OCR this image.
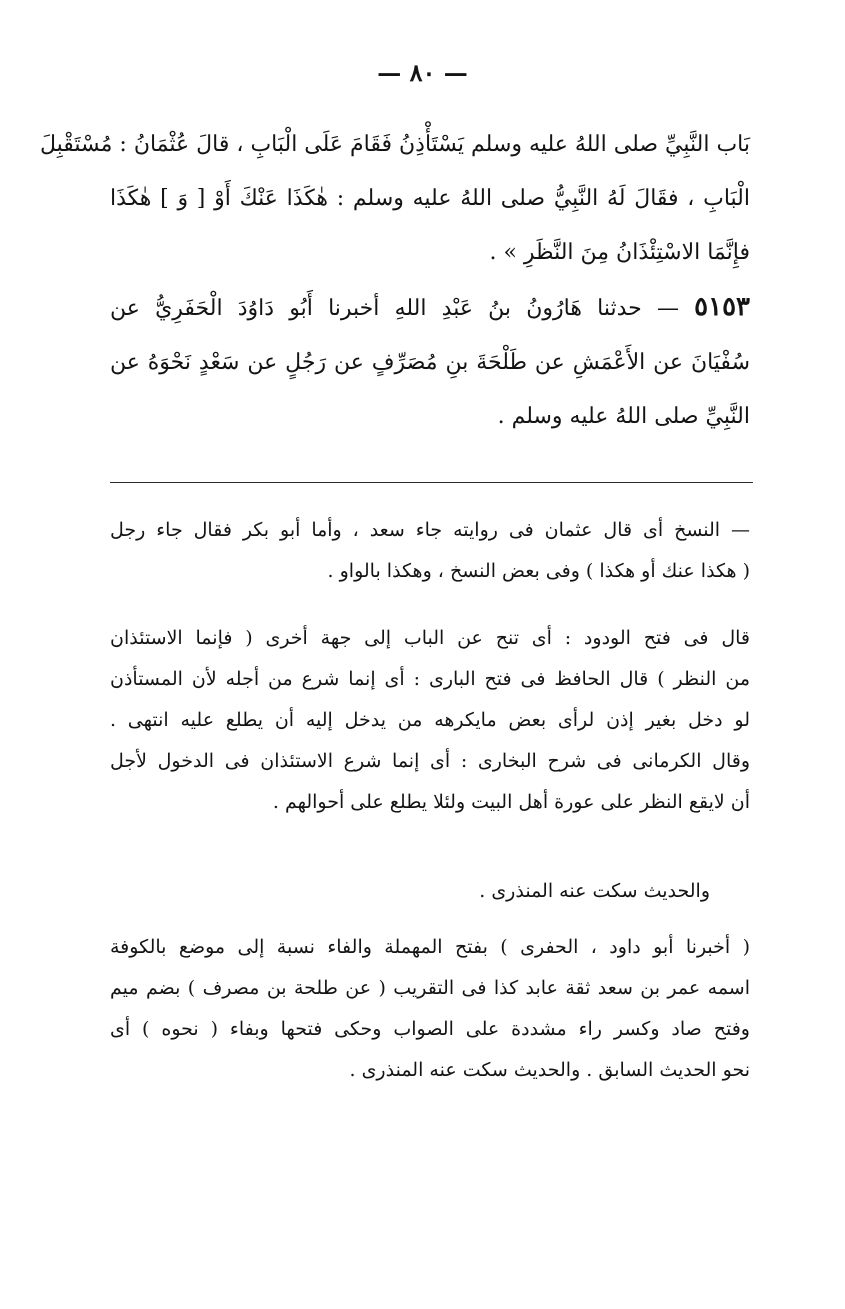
— ٨٠ —
بَاب النَّبِيِّ صلى اللهُ عليه وسلم يَسْتَأْذِنُ فَقَامَ عَلَى الْبَابِ ، قالَ عُثْمَانُ : مُسْتَقْبِلَ
الْبَابِ ، فقَالَ لَهُ النَّبِيُّ صلى اللهُ عليه وسلم : هٰكَذَا عَنْكَ أَوْ [ وَ ] هٰكَذَا
فإِنَّمَا الاسْتِئْذَانُ مِنَ النَّظَرِ » .
٥١٥٣ — حدثنا هَارُونُ بنُ عَبْدِ اللهِ أخبرنا أَبُو دَاوُدَ الْحَفَرِيُّ عن
سُفْيَانَ عن الأَعْمَشِ عن طَلْحَةَ بنِ مُصَرِّفٍ عن رَجُلٍ عن سَعْدٍ نَحْوَهُ عن
النَّبِيِّ صلى اللهُ عليه وسلم .
— النسخ أى قال عثمان فى روايته جاء سعد ، وأما أبو بكر فقال جاء رجل
( هكذا عنك أو هكذا ) وفى بعض النسخ ، وهكذا بالواو .
قال فى فتح الودود : أى تنح عن الباب إلى جهة أخرى ( فإنما الاستئذان
من النظر ) قال الحافظ فى فتح البارى : أى إنما شرع من أجله لأن المستأذن
لو دخل بغير إذن لرأى بعض مايكرهه من يدخل إليه أن يطلع عليه انتهى .
وقال الكرمانى فى شرح البخارى : أى إنما شرع الاستئذان فى الدخول لأجل
أن لايقع النظر على عورة أهل البيت ولئلا يطلع على أحوالهم .
والحديث سكت عنه المنذرى .
( أخبرنا أبو داود ، الحفرى ) بفتح المهملة والفاء نسبة إلى موضع بالكوفة
اسمه عمر بن سعد ثقة عابد كذا فى التقريب ( عن طلحة بن مصرف ) بضم ميم
وفتح صاد وكسر راء مشددة على الصواب وحكى فتحها وبفاء ( نحوه ) أى
نحو الحديث السابق . والحديث سكت عنه المنذرى .
